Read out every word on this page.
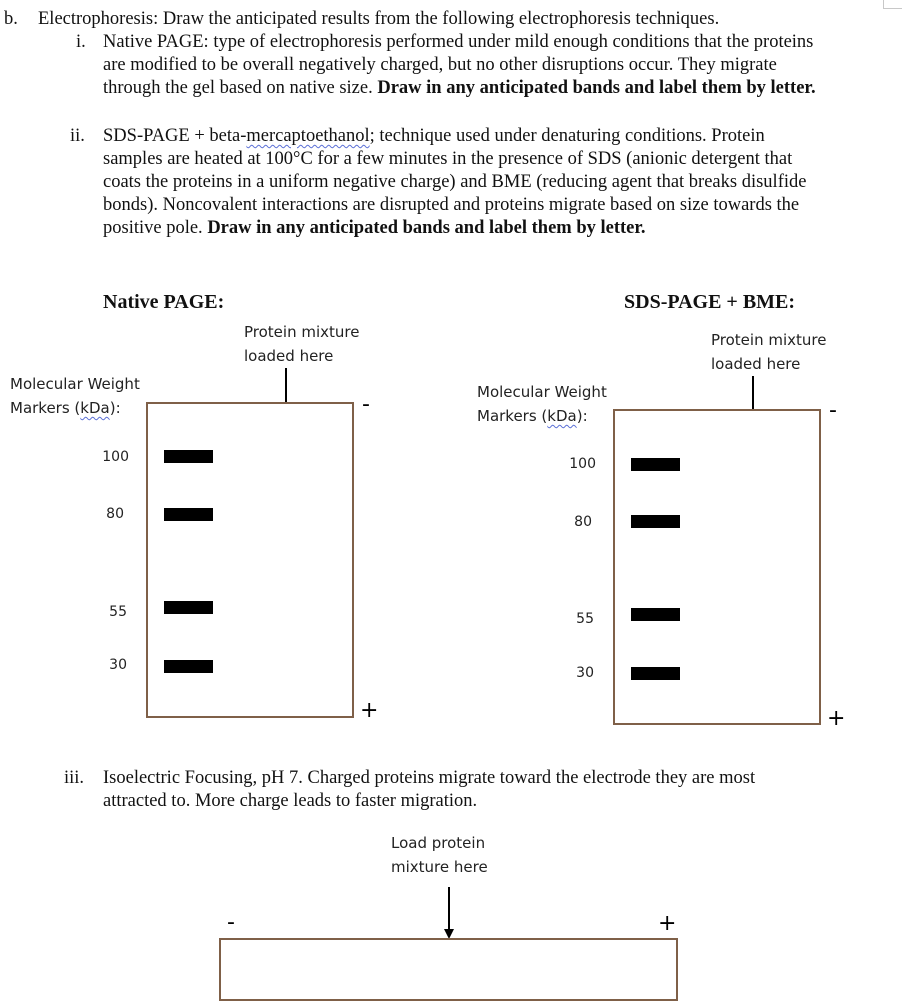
b. Electrophoresis: Draw the anticipated results from the following electrophoresis techniques.
i. Native PAGE: type of electrophoresis performed under mild enough conditions that the proteins
are modified to be overall negatively charged, but no other disruptions occur. They migrate
through the gel based on native size. Draw in any anticipated bands and label them by letter.
ii. SDS-PAGE + beta-mercaptoethanol; technique used under denaturing conditions. Protein
samples are heated at 100°C for a few minutes in the presence of SDS (anionic detergent that
coats the proteins in a uniform negative charge) and BME (reducing agent that breaks disulfide
bonds). Noncovalent interactions are disrupted and proteins migrate based on size towards the
positive pole. Draw in any anticipated bands and label them by letter.
Native PAGE:
Protein mixture
loaded here
Molecular Weight
Markers (kDa):	-
+
100
80
55
30
SDS-PAGE + BME:
Protein mixture
loaded here
Molecular Weight
Markers (kDa):	-
+
100
80
55
30
iii. Isoelectric Focusing, pH 7. Charged proteins migrate toward the electrode they are most
attracted to. More charge leads to faster migration.
Load protein
mixture here
-	+
